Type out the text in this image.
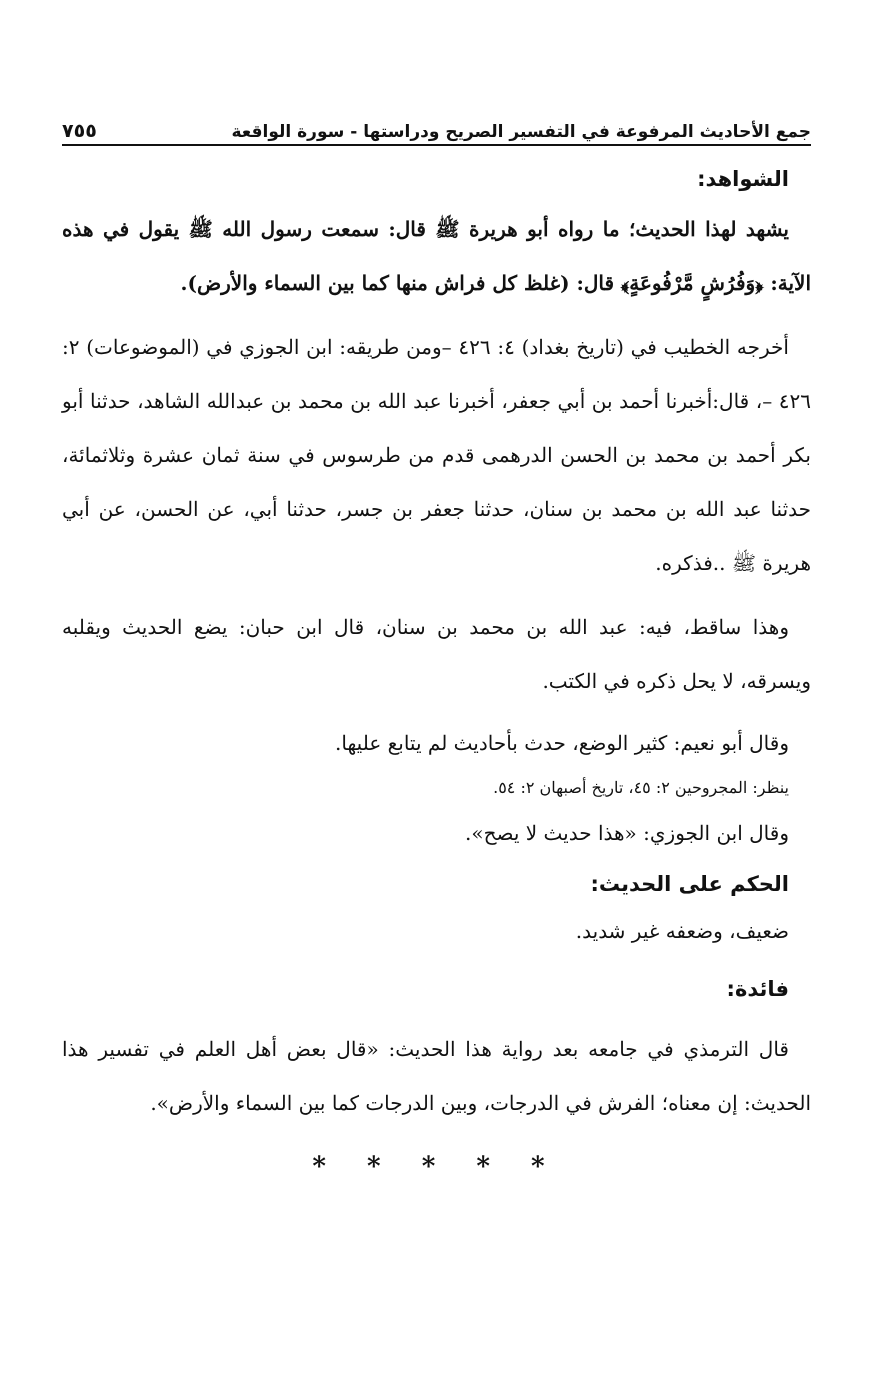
جمع الأحاديث المرفوعة في التفسير الصريح ودراستها - سورة الواقعة
٧٥٥
الشواهد:

يشهد لهذا الحديث؛ ما رواه أبو هريرة ﷺ قال: سمعت رسول الله ﷺ يقول في هذه الآية: ﴿وَفُرُشٍ مَّرْفُوعَةٍ﴾ قال: (غلظ كل فراش منها كما بين السماء والأرض).

أخرجه الخطيب في (تاريخ بغداد) ٤: ٤٢٦ –ومن طريقه: ابن الجوزي في (الموضوعات) ٢: ٤٢٦ –، قال:أخبرنا أحمد بن أبي جعفر، أخبرنا عبد الله بن محمد بن عبدالله الشاهد، حدثنا أبو بكر أحمد بن محمد بن الحسن الدرهمى قدم من طرسوس في سنة ثمان عشرة وثلاثمائة، حدثنا عبد الله بن محمد بن سنان، حدثنا جعفر بن جسر، حدثنا أبي، عن الحسن، عن أبي هريرة ﷺ ..فذكره.

وهذا ساقط، فيه: عبد الله بن محمد بن سنان، قال ابن حبان: يضع الحديث ويقلبه ويسرقه، لا يحل ذكره في الكتب.

وقال أبو نعيم: كثير الوضع، حدث بأحاديث لم يتابع عليها.

ينظر: المجروحين ٢: ٤٥، تاريخ أصبهان ٢: ٥٤.

وقال ابن الجوزي: «هذا حديث لا يصح».

الحكم على الحديث:

ضعيف، وضعفه غير شديد.

فائدة:

قال الترمذي في جامعه بعد رواية هذا الحديث: «قال بعض أهل العلم في تفسير هذا الحديث: إن معناه؛ الفرش في الدرجات، وبين الدرجات كما بين السماء والأرض».

* * * * *
